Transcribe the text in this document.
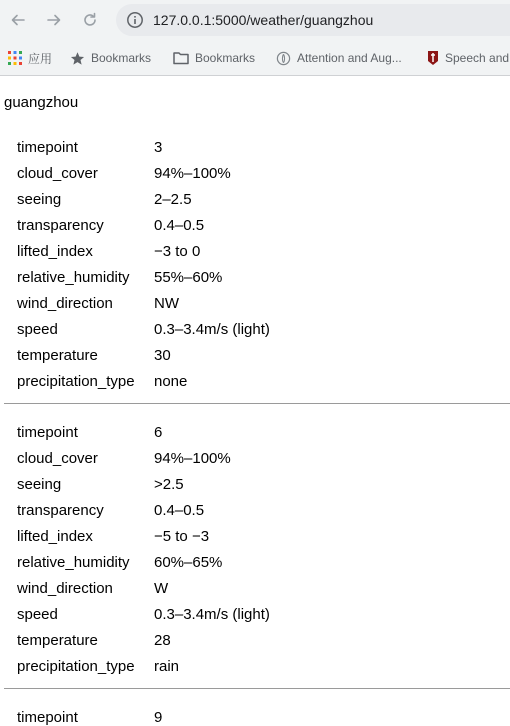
127.0.0.1:5000/weather/guangzhou
应用	Bookmarks	Bookmarks	Attention and Aug...	Speech and
guangzhou
timepoint	3
cloud_cover	94%–100%
seeing	2–2.5
transparency	0.4–0.5
lifted_index	−3 to 0
relative_humidity	55%–60%
wind_direction	NW
speed	0.3–3.4m/s (light)
temperature	30
precipitation_type	none
timepoint	6
cloud_cover	94%–100%
seeing	>2.5
transparency	0.4–0.5
lifted_index	−5 to −3
relative_humidity	60%–65%
wind_direction	W
speed	0.3–3.4m/s (light)
temperature	28
precipitation_type	rain
timepoint	9
